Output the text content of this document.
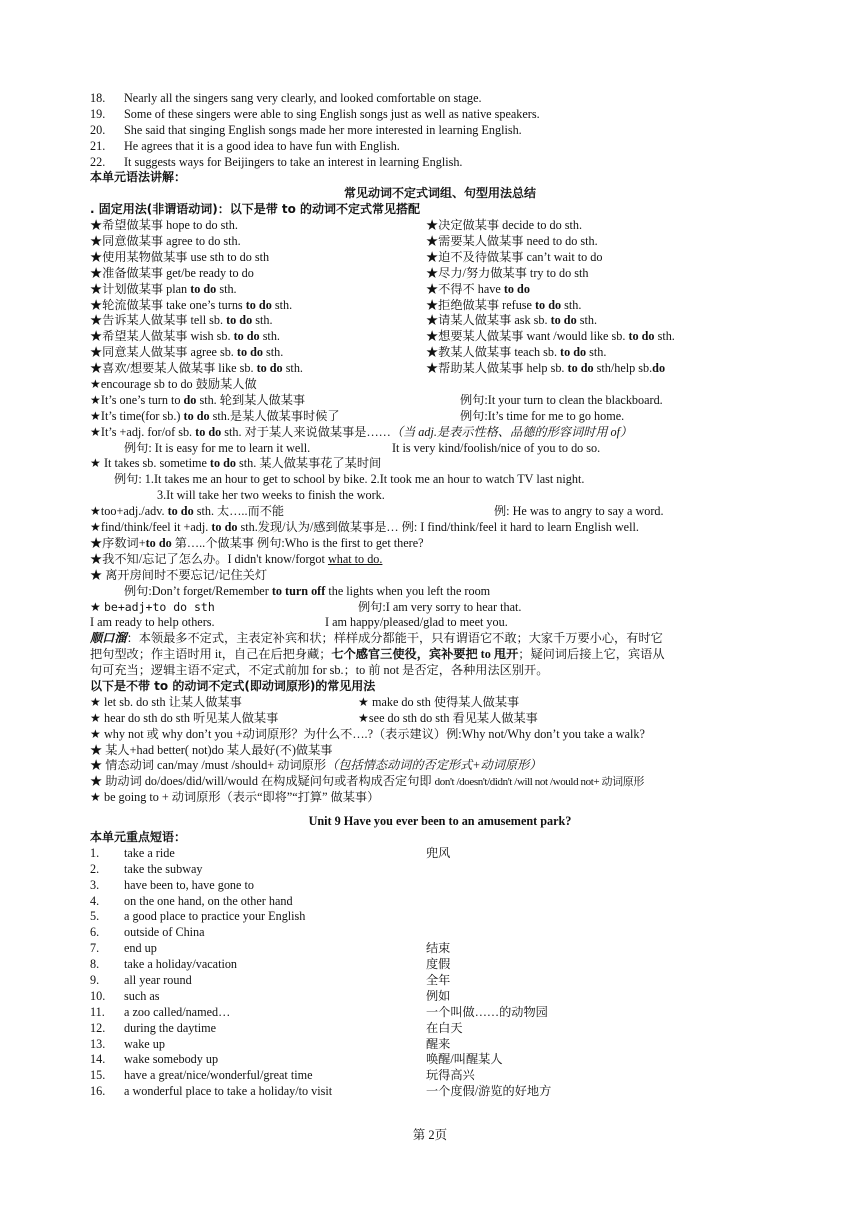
18. Nearly all the singers sang very clearly, and looked comfortable on stage.
19. Some of these singers were able to sing English songs just as well as native speakers.
20. She said that singing English songs made her more interested in learning English.
21. He agrees that it is a good idea to have fun with English.
22. It suggests ways for Beijingers to take an interest in learning English.
本单元语法讲解：
常见动词不定式词组、句型用法总结
. 固定用法(非谓语动词)：以下是带 to 的动词不定式常见搭配
★希望做某事 hope to do sth.	★决定做某事 decide to do sth.
★同意做某事 agree to do sth.	★需要某人做某事 need to do sth.
★使用某物做某事 use sth to do sth	★迫不及待做某事 can’t wait to do
★准备做某事 get/be ready to do	★尽力/努力做某事 try to do sth
★计划做某事 plan to do sth.	★不得不 have to do
★轮流做某事 take one’s turns to do sth.	★拒绝做某事 refuse to do sth.
★告诉某人做某事 tell sb. to do sth.	★请某人做某事 ask sb. to do sth.
★希望某人做某事 wish sb. to do sth.	★想要某人做某事 want /would like sb. to do sth.
★同意某人做某事 agree sb. to do sth.	★教某人做某事 teach sb. to do sth.
★喜欢/想要某人做某事 like sb. to do sth.	★帮助某人做某事 help sb. to do sth/help sb.do
★encourage sb to do 鼓励某人做
★It’s one’s turn to do sth. 轮到某人做某事	例句:It your turn to clean the blackboard.
★It’s time(for sb.) to do sth.是某人做某事时候了	例句:It’s time for me to go home.
★It’s +adj. for/of sb. to do sth. 对于某人来说做某事是……（当 adj.是表示性格、品德的形容词时用 of）
例句: It is easy for me to learn it well.	It is very kind/foolish/nice of you to do so.
★ It takes sb. sometime to do sth. 某人做某事花了某时间
例句: 1.It takes me an hour to get to school by bike. 2.It took me an hour to watch TV last night.
3.It will take her two weeks to finish the work.
★too+adj./adv. to do sth. 太…..而不能	例: He was to angry to say a word.
★find/think/feel it +adj. to do sth.发现/认为/感到做某事是… 例: I find/think/feel it hard to learn English well.
★序数词+to do 第…..个做某事 例句:Who is the first to get there?
★我不知/忘记了怎么办。I didn't know/forgot what to do.
★ 离开房间时不要忘记/记住关灯
例句:Don’t forget/Remember to turn off the lights when you left the room
★ be+adj+to do sth	例句:I am very sorry to hear that.
I am ready to help others.	I am happy/pleased/glad to meet you.
顺口溜：本领最多不定式，主表定补宾和状；样样成分都能干，只有谓语它不敢；大家千万要小心，有时它
把句型改；作主语时用 it，自己在后把身藏；七个感官三使役，宾补要把 to 甩开；疑问词后接上它，宾语从
句可充当；逻辑主语不定式，不定式前加 for sb.；to 前 not 是否定，各种用法区别开。
以下是不带 to 的动词不定式(即动词原形)的常见用法
★ let sb. do sth 让某人做某事	★ make do sth 使得某人做某事
★ hear do sth do sth 听见某人做某事	★see do sth do sth 看见某人做某事
★ why not 或 why don’t you +动词原形？为什么不….?（表示建议）例:Why not/Why don’t you take a walk?
★ 某人+had better( not)do 某人最好(不)做某事
★ 情态动词 can/may /must /should+ 动词原形（包括情态动词的否定形式+动词原形）
★ 助动词 do/does/did/will/would 在构成疑问句或者构成否定句即 don't /doesn't/didn't /will not /would not+ 动词原形
★ be going to + 动词原形（表示“即将”“打算” 做某事）
Unit 9 Have you ever been to an amusement park?
本单元重点短语：
1. take a ride	兜风
2. take the subway
3. have been to, have gone to
4. on the one hand, on the other hand
5. a good place to practice your English
6. outside of China
7. end up	结束
8. take a holiday/vacation	度假
9. all year round	全年
10. such as	例如
11. a zoo called/named…	一个叫做……的动物园
12. during the daytime	在白天
13. wake up	醒来
14. wake somebody up	唤醒/叫醒某人
15. have a great/nice/wonderful/great time	玩得高兴
16. a wonderful place to take a holiday/to visit	一个度假/游览的好地方
第 2页
